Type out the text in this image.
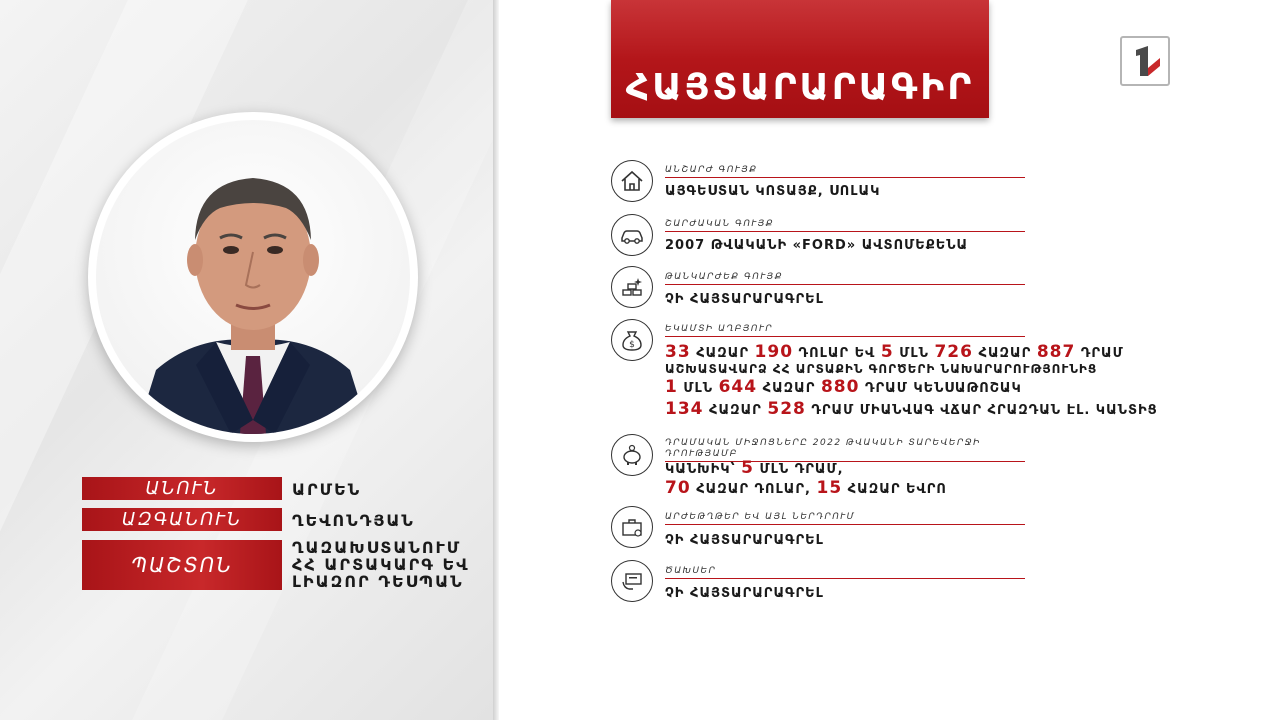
ԱՆՈՒՆ	ԱՐՄԵՆ
ԱԶԳԱՆՈՒՆ	ՂԵՎՈՆԴՅԱՆ
ՊԱՇՏՈՆ
ՂԱԶԱԽՍՏԱՆՈՒՄ
ՀՀ ԱՐՏԱԿԱՐԳ ԵՎ
ԼԻԱԶՈՐ ԴԵՍՊԱՆ
ՀԱՅՏԱՐԱՐԱԳԻՐ
ԱՆՇԱՐԺ ԳՈՒՅՔ
ԱՅԳԵՍՏԱՆ ԿՈՏԱՅՔ, ՍՈԼԱԿ
ՇԱՐԺԱԿԱՆ ԳՈՒՅՔ
2007 ԹՎԱԿԱՆԻ «FORD» ԱՎՏՈՄԵՔԵՆԱ
ԹԱՆԿԱՐԺԵՔ ԳՈՒՅՔ
ՉԻ ՀԱՅՏԱՐԱՐԱԳՐԵԼ
$
ԵԿԱՄՏԻ ԱՂԲՅՈՒՐ
33 ՀԱԶԱՐ 190 ԴՈԼԱՐ ԵՎ 5 ՄԼՆ 726 ՀԱԶԱՐ 887 ԴՐԱՄ
ԱՇԽԱՏԱՎԱՐՁ ՀՀ ԱՐՏԱՔԻՆ ԳՈՐԾԵՐԻ ՆԱԽԱՐԱՐՈՒԹՅՈՒՆԻՑ
1 ՄԼՆ 644 ՀԱԶԱՐ 880 ԴՐԱՄ ԿԵՆՍԱԹՈՇԱԿ
134 ՀԱԶԱՐ 528 ԴՐԱՄ ՄԻԱՆՎԱԳ ՎՃԱՐ ՀՐԱԶԴԱՆ ԷԼ. ԿԱՆՏԻՑ
ԴՐԱՄԱԿԱՆ ՄԻՋՈՑՆԵՐԸ 2022 ԹՎԱԿԱՆԻ ՏԱՐԵՎԵՐՋԻ ԴՐՈՒԹՅԱՄԲ
ԿԱՆԽԻԿ՝ 5 ՄԼՆ ԴՐԱՄ,
70 ՀԱԶԱՐ ԴՈԼԱՐ, 15 ՀԱԶԱՐ ԵՎՐՈ
ԱՐԺԵԹՂԹԵՐ ԵՎ ԱՅԼ ՆԵՐԴՐՈՒՄ
ՉԻ ՀԱՅՏԱՐԱՐԱԳՐԵԼ
ԾԱԽՍԵՐ
ՉԻ ՀԱՅՏԱՐԱՐԱԳՐԵԼ
